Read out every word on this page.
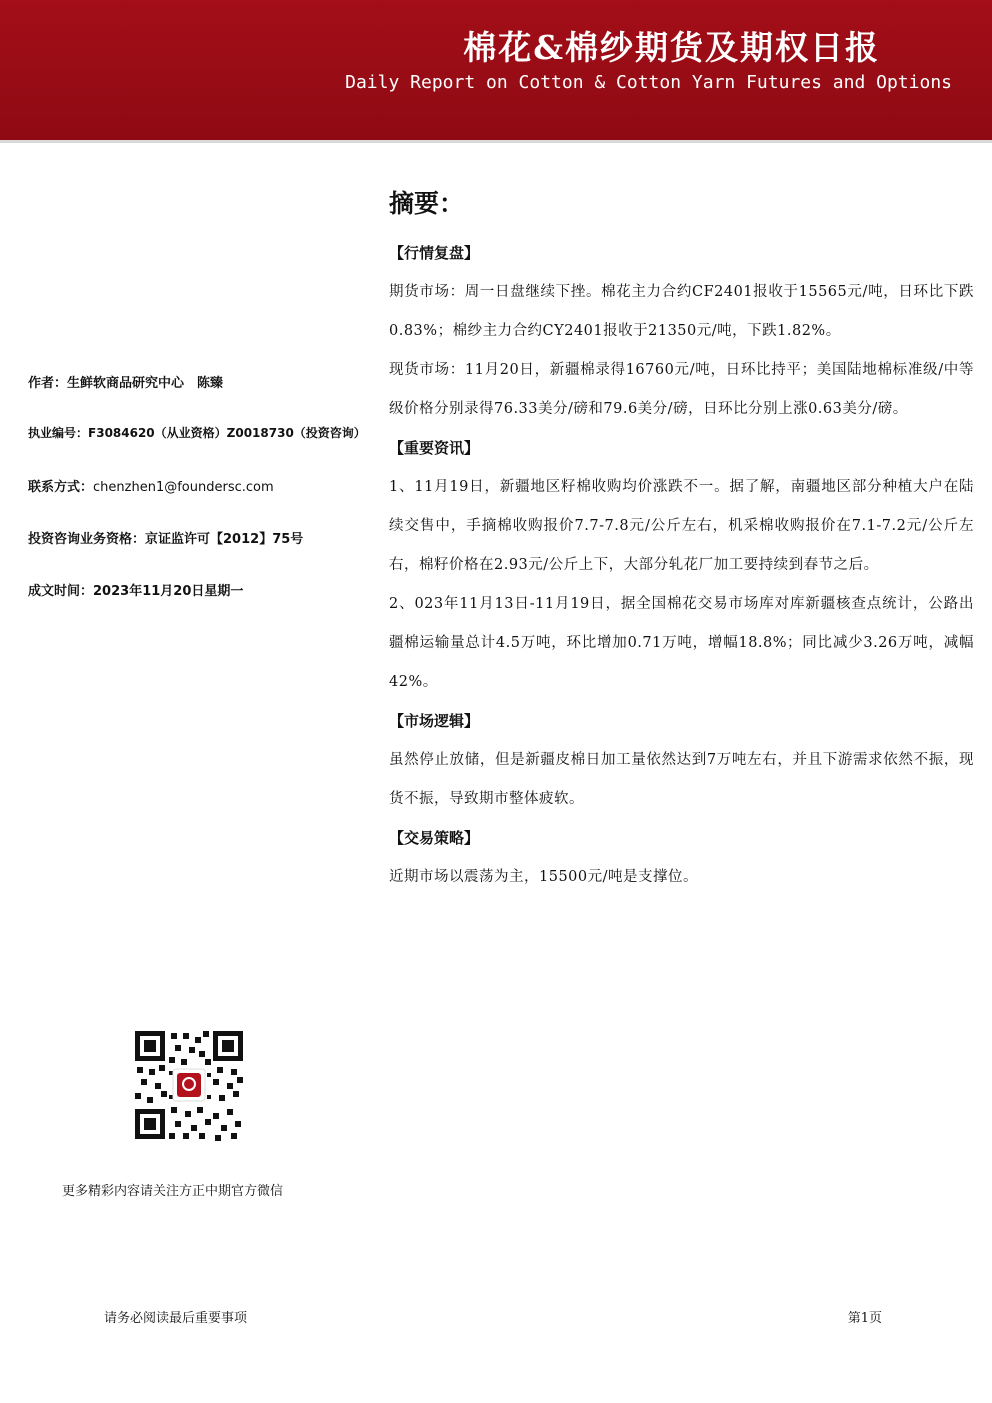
棉花&棉纱期货及期权日报
Daily Report on Cotton & Cotton Yarn Futures and Options
作者：生鲜软商品研究中心　陈臻
执业编号：F3084620（从业资格）Z0018730（投资咨询）
联系方式：chenzhen1@foundersc.com
投资咨询业务资格：京证监许可【2012】75号
成文时间：2023年11月20日星期一
摘要：
【行情复盘】
期货市场：周一日盘继续下挫。棉花主力合约CF2401报收于15565元/吨，日环比下跌0.83%；棉纱主力合约CY2401报收于21350元/吨，下跌1.82%。
现货市场：11月20日，新疆棉录得16760元/吨，日环比持平；美国陆地棉标准级/中等级价格分别录得76.33美分/磅和79.6美分/磅，日环比分别上涨0.63美分/磅。
【重要资讯】
1、11月19日，新疆地区籽棉收购均价涨跌不一。据了解，南疆地区部分种植大户在陆续交售中，手摘棉收购报价7.7-7.8元/公斤左右，机采棉收购报价在7.1-7.2元/公斤左右，棉籽价格在2.93元/公斤上下，大部分轧花厂加工要持续到春节之后。
2、023年11月13日-11月19日，据全国棉花交易市场库对库新疆核查点统计，公路出疆棉运输量总计4.5万吨，环比增加0.71万吨，增幅18.8%；同比减少3.26万吨，减幅42%。
【市场逻辑】
虽然停止放储，但是新疆皮棉日加工量依然达到7万吨左右，并且下游需求依然不振，现货不振，导致期市整体疲软。
【交易策略】
近期市场以震荡为主，15500元/吨是支撑位。
更多精彩内容请关注方正中期官方微信
请务必阅读最后重要事项	第1页
